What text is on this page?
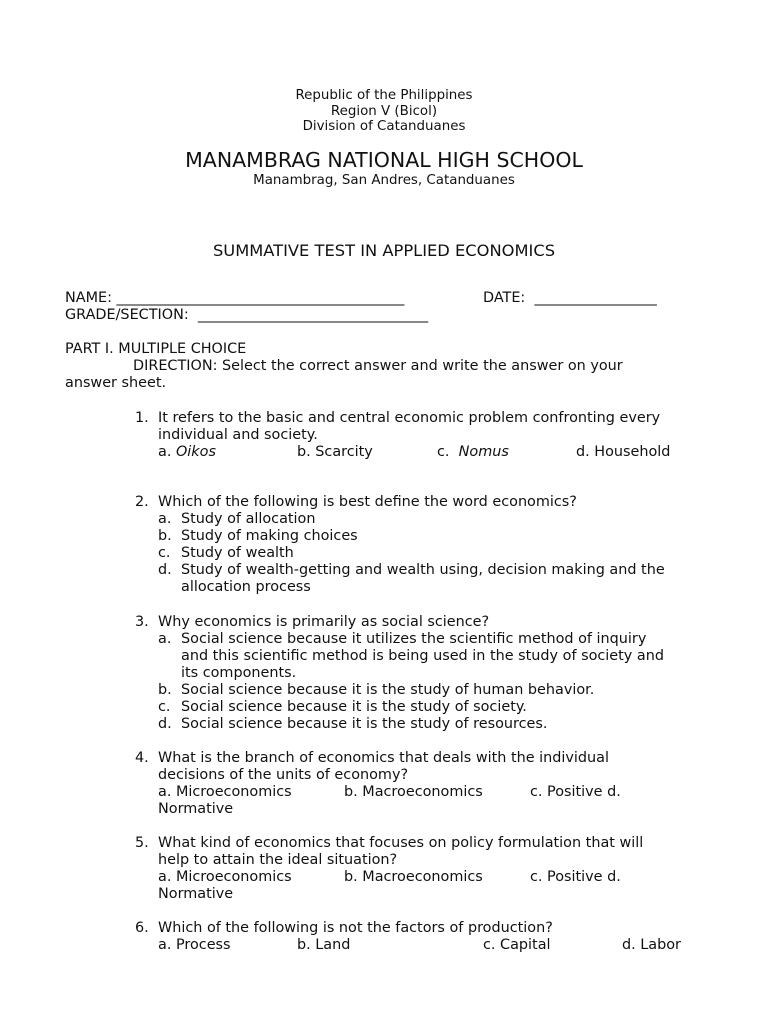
Republic of the Philippines
Region V (Bicol)
Division of Catanduanes
MANAMBRAG NATIONAL HIGH SCHOOL
Manambrag, San Andres, Catanduanes
SUMMATIVE TEST IN APPLIED ECONOMICS
NAME: ________________________________________	DATE: _________________
GRADE/SECTION: ________________________________
PART I. MULTIPLE CHOICE
DIRECTION: Select the correct answer and write the answer on your
answer sheet.
1. It refers to the basic and central economic problem confronting every
individual and society.
a. Oikos	b. Scarcity	c. Nomus	d. Household
2. Which of the following is best define the word economics?
a. Study of allocation
b. Study of making choices
c. Study of wealth
d. Study of wealth-getting and wealth using, decision making and the
allocation process
3. Why economics is primarily as social science?
a. Social science because it utilizes the scientific method of inquiry
and this scientific method is being used in the study of society and
its components.
b. Social science because it is the study of human behavior.
c. Social science because it is the study of society.
d. Social science because it is the study of resources.
4. What is the branch of economics that deals with the individual
decisions of the units of economy?
a. Microeconomics	b. Macroeconomics	c. Positive d.
Normative
5. What kind of economics that focuses on policy formulation that will
help to attain the ideal situation?
a. Microeconomics	b. Macroeconomics	c. Positive d.
Normative
6. Which of the following is not the factors of production?
a. Process	b. Land	c. Capital	d. Labor
